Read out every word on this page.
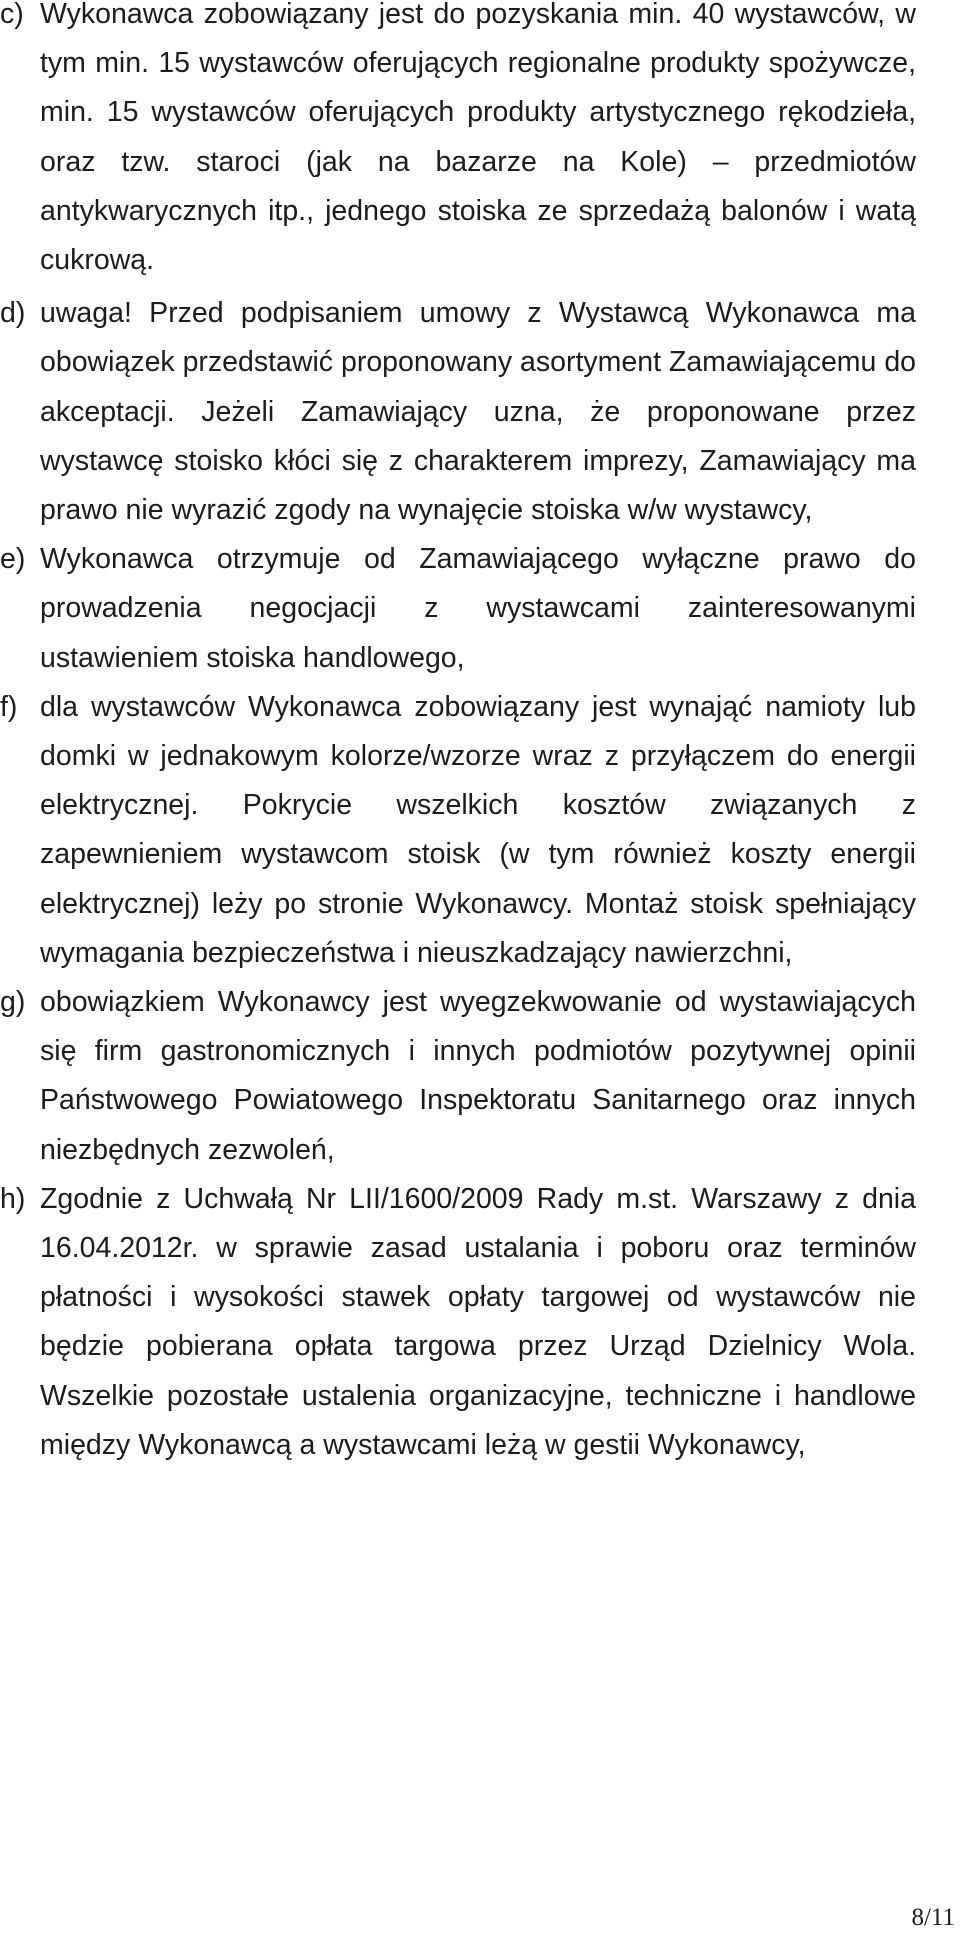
c) Wykonawca zobowiązany jest do pozyskania min. 40 wystawców, w tym min. 15 wystawców oferujących regionalne produkty spożywcze, min. 15 wystawców oferujących produkty artystycznego rękodzieła, oraz tzw. staroci (jak na bazarze na Kole) – przedmiotów antykwarycznych itp., jednego stoiska ze sprzedażą balonów i watą cukrową.
d) uwaga! Przed podpisaniem umowy z Wystawcą Wykonawca ma obowiązek przedstawić proponowany asortyment Zamawiającemu do akceptacji. Jeżeli Zamawiający uzna, że proponowane przez wystawcę stoisko kłóci się z charakterem imprezy, Zamawiający ma prawo nie wyrazić zgody na wynajęcie stoiska w/w wystawcy,
e) Wykonawca otrzymuje od Zamawiającego wyłączne prawo do prowadzenia negocjacji z wystawcami zainteresowanymi ustawieniem stoiska handlowego,
f) dla wystawców Wykonawca zobowiązany jest wynająć namioty lub domki w jednakowym kolorze/wzorze wraz z przyłączem do energii elektrycznej. Pokrycie wszelkich kosztów związanych z zapewnieniem wystawcom stoisk (w tym również koszty energii elektrycznej) leży po stronie Wykonawcy. Montaż stoisk spełniający wymagania bezpieczeństwa i nieuszkadzający nawierzchni,
g) obowiązkiem Wykonawcy jest wyegzekwowanie od wystawiających się firm gastronomicznych i innych podmiotów pozytywnej opinii Państwowego Powiatowego Inspektoratu Sanitarnego oraz innych niezbędnych zezwoleń,
h) Zgodnie z Uchwałą Nr LII/1600/2009 Rady m.st. Warszawy z dnia 16.04.2012r. w sprawie zasad ustalania i poboru oraz terminów płatności i wysokości stawek opłaty targowej od wystawców nie będzie pobierana opłata targowa przez Urząd Dzielnicy Wola. Wszelkie pozostałe ustalenia organizacyjne, techniczne i handlowe między Wykonawcą a wystawcami leżą w gestii Wykonawcy,
8/11
